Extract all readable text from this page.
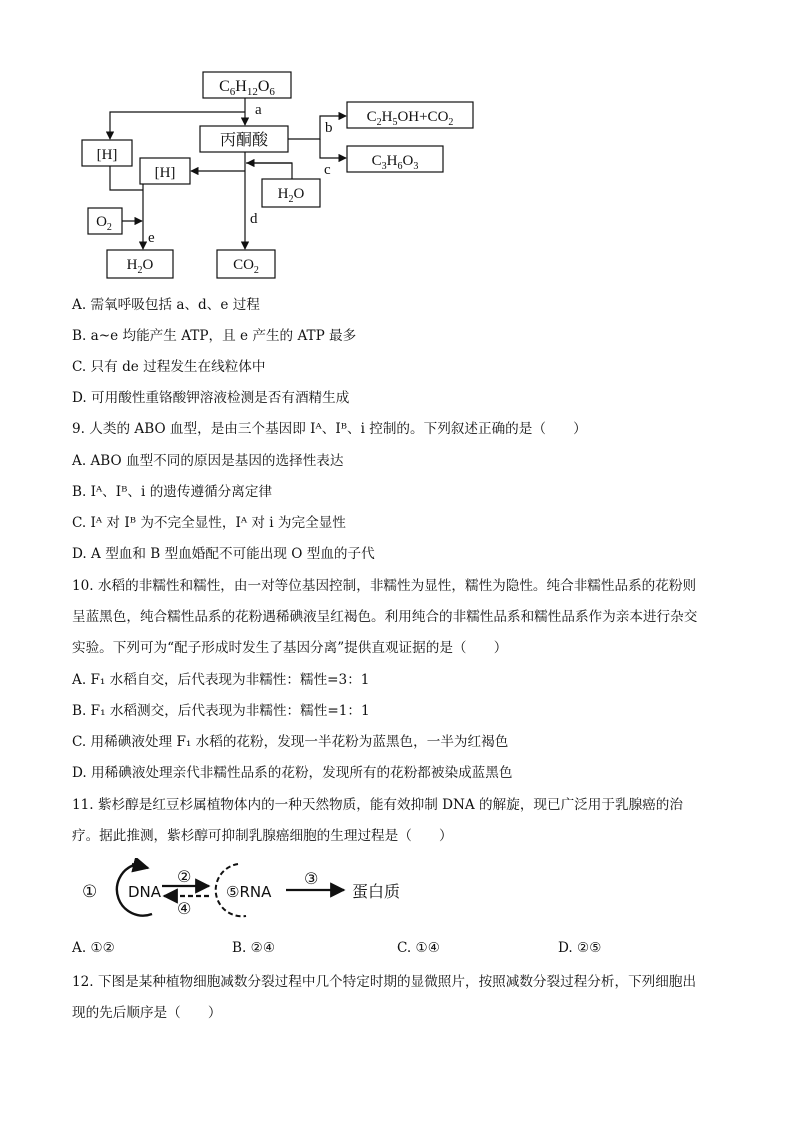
$C_6H_{12}O_6$
丙酮酸
$C_2H_5OH+CO_2$
$C_3H_6O_3$
[H]
[H]
$H_2O$
$O_2$
$H_2O$	$CO_2$
a
b
c
d
e
A. 需氧呼吸包括 a、d、e 过程
B. a~e 均能产生 ATP，且 e 产生的 ATP 最多
C. 只有 de 过程发生在线粒体中
D. 可用酸性重铬酸钾溶液检测是否有酒精生成
9. 人类的 ABO 血型，是由三个基因即 Iᴬ、Iᴮ、i 控制的。下列叙述正确的是（　　）
A. ABO 血型不同的原因是基因的选择性表达
B. Iᴬ、Iᴮ、i 的遗传遵循分离定律
C. Iᴬ 对 Iᴮ 为不完全显性，Iᴬ 对 i 为完全显性
D. A 型血和 B 型血婚配不可能出现 O 型血的子代
10. 水稻的非糯性和糯性，由一对等位基因控制，非糯性为显性，糯性为隐性。纯合非糯性品系的花粉则
呈蓝黑色，纯合糯性品系的花粉遇稀碘液呈红褐色。利用纯合的非糯性品系和糯性品系作为亲本进行杂交
实验。下列可为“配子形成时发生了基因分离”提供直观证据的是（　　）
A. F₁ 水稻自交，后代表现为非糯性：糯性=3：1
B. F₁ 水稻测交，后代表现为非糯性：糯性=1：1
C. 用稀碘液处理 F₁ 水稻的花粉，发现一半花粉为蓝黑色，一半为红褐色
D. 用稀碘液处理亲代非糯性品系的花粉，发现所有的花粉都被染成蓝黑色
11. 紫杉醇是红豆杉属植物体内的一种天然物质，能有效抑制 DNA 的解旋，现已广泛用于乳腺癌的治
疗。据此推测，紫杉醇可抑制乳腺癌细胞的生理过程是（　　）
① DNA
②
④
⑤RNA
③
蛋白质
A. ①②	B. ②④	C. ①④	D. ②⑤
12. 下图是某种植物细胞减数分裂过程中几个特定时期的显微照片，按照减数分裂过程分析，下列细胞出
现的先后顺序是（　　）
